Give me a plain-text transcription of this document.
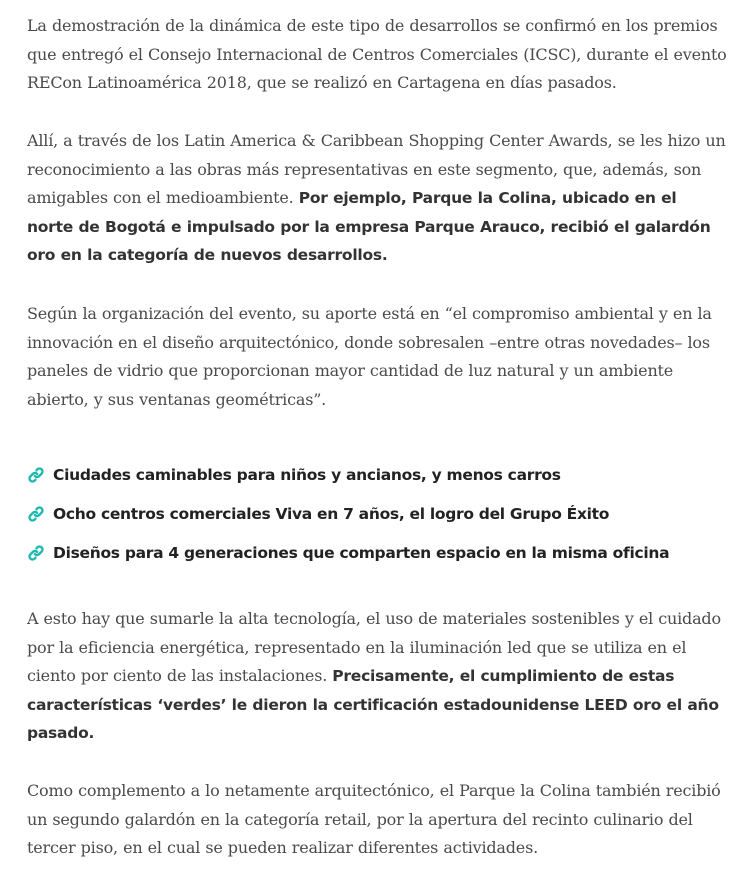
La demostración de la dinámica de este tipo de desarrollos se confirmó en los premios que entregó el Consejo Internacional de Centros Comerciales (ICSC), durante el evento RECon Latinoamérica 2018, que se realizó en Cartagena en días pasados.

Allí, a través de los Latin America & Caribbean Shopping Center Awards, se les hizo un reconocimiento a las obras más representativas en este segmento, que, además, son amigables con el medioambiente. Por ejemplo, Parque la Colina, ubicado en el norte de Bogotá e impulsado por la empresa Parque Arauco, recibió el galardón oro en la categoría de nuevos desarrollos.

Según la organización del evento, su aporte está en “el compromiso ambiental y en la innovación en el diseño arquitectónico, donde sobresalen –entre otras novedades– los paneles de vidrio que proporcionan mayor cantidad de luz natural y un ambiente abierto, y sus ventanas geométricas”.

Ciudades caminables para niños y ancianos, y menos carros
Ocho centros comerciales Viva en 7 años, el logro del Grupo Éxito
Diseños para 4 generaciones que comparten espacio en la misma oficina

A esto hay que sumarle la alta tecnología, el uso de materiales sostenibles y el cuidado por la eficiencia energética, representado en la iluminación led que se utiliza en el ciento por ciento de las instalaciones. Precisamente, el cumplimiento de estas características ‘verdes’ le dieron la certificación estadounidense LEED oro el año pasado.

Como complemento a lo netamente arquitectónico, el Parque la Colina también recibió un segundo galardón en la categoría retail, por la apertura del recinto culinario del tercer piso, en el cual se pueden realizar diferentes actividades.
